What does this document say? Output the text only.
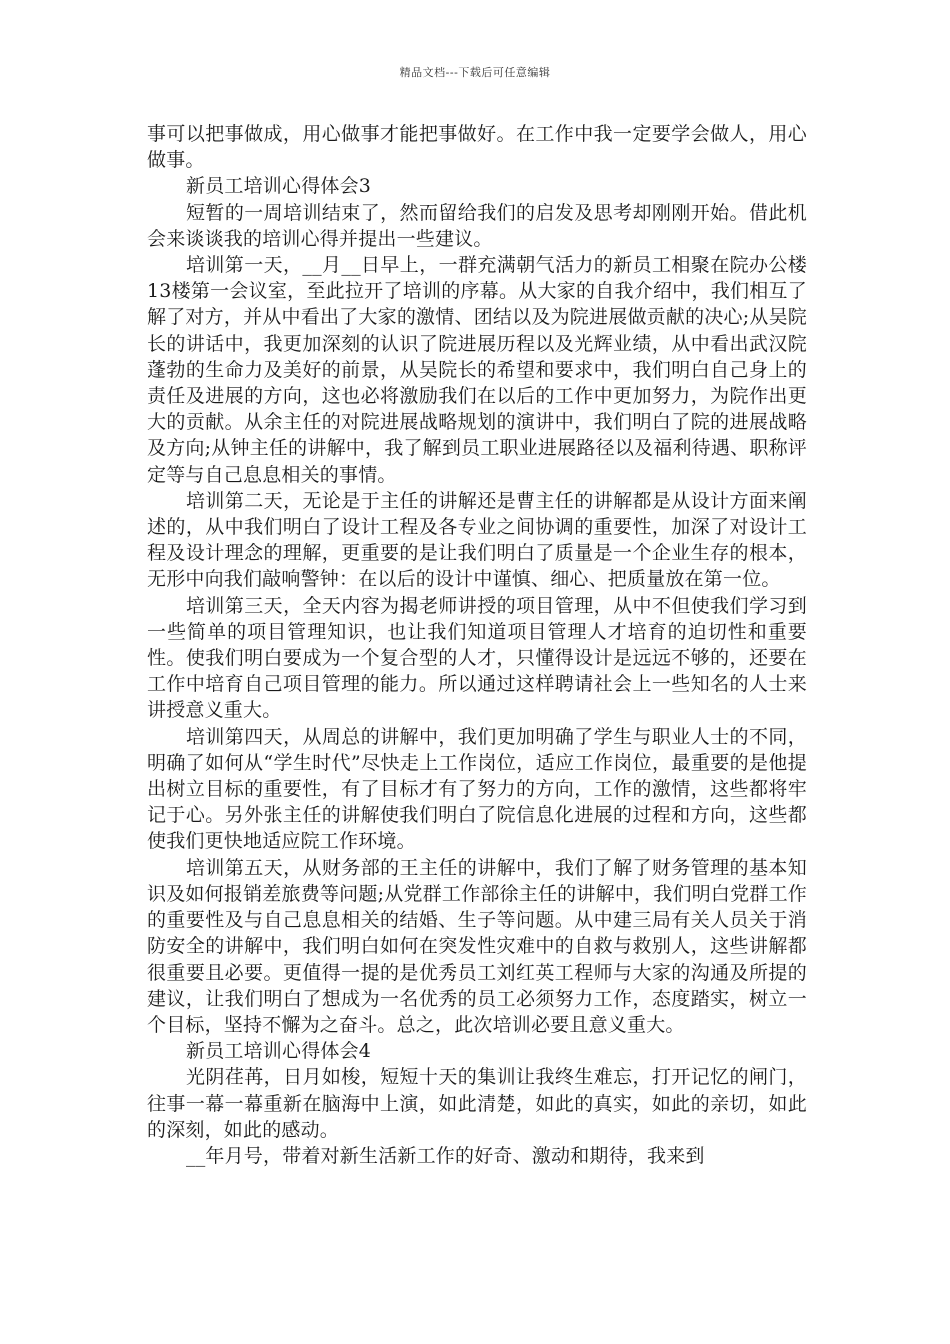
精品文档---下载后可任意编辑

事可以把事做成，用心做事才能把事做好。在工作中我一定要学会做人，用心做事。

新员工培训心得体会3

短暂的一周培训结束了，然而留给我们的启发及思考却刚刚开始。借此机会来谈谈我的培训心得并提出一些建议。

培训第一天，__月__日早上，一群充满朝气活力的新员工相聚在院办公楼13楼第一会议室，至此拉开了培训的序幕。从大家的自我介绍中，我们相互了解了对方，并从中看出了大家的激情、团结以及为院进展做贡献的决心;从吴院长的讲话中，我更加深刻的认识了院进展历程以及光辉业绩，从中看出武汉院蓬勃的生命力及美好的前景，从吴院长的希望和要求中，我们明白自己身上的责任及进展的方向，这也必将激励我们在以后的工作中更加努力，为院作出更大的贡献。从余主任的对院进展战略规划的演讲中，我们明白了院的进展战略及方向;从钟主任的讲解中，我了解到员工职业进展路径以及福利待遇、职称评定等与自己息息相关的事情。

培训第二天，无论是于主任的讲解还是曹主任的讲解都是从设计方面来阐述的，从中我们明白了设计工程及各专业之间协调的重要性，加深了对设计工程及设计理念的理解，更重要的是让我们明白了质量是一个企业生存的根本，无形中向我们敲响警钟：在以后的设计中谨慎、细心、把质量放在第一位。

培训第三天，全天内容为揭老师讲授的项目管理，从中不但使我们学习到一些简单的项目管理知识，也让我们知道项目管理人才培育的迫切性和重要性。使我们明白要成为一个复合型的人才，只懂得设计是远远不够的，还要在工作中培育自己项目管理的能力。所以通过这样聘请社会上一些知名的人士来讲授意义重大。

培训第四天，从周总的讲解中，我们更加明确了学生与职业人士的不同，明确了如何从“学生时代”尽快走上工作岗位，适应工作岗位，最重要的是他提出树立目标的重要性，有了目标才有了努力的方向，工作的激情，这些都将牢记于心。另外张主任的讲解使我们明白了院信息化进展的过程和方向，这些都使我们更快地适应院工作环境。

培训第五天，从财务部的王主任的讲解中，我们了解了财务管理的基本知识及如何报销差旅费等问题;从党群工作部徐主任的讲解中，我们明白党群工作的重要性及与自己息息相关的结婚、生子等问题。从中建三局有关人员关于消防安全的讲解中，我们明白如何在突发性灾难中的自救与救别人，这些讲解都很重要且必要。更值得一提的是优秀员工刘红英工程师与大家的沟通及所提的建议，让我们明白了想成为一名优秀的员工必须努力工作，态度踏实，树立一个目标，坚持不懈为之奋斗。总之，此次培训必要且意义重大。

新员工培训心得体会4

光阴荏苒，日月如梭，短短十天的集训让我终生难忘，打开记忆的闸门，往事一幕一幕重新在脑海中上演，如此清楚，如此的真实，如此的亲切，如此的深刻，如此的感动。

__年月号，带着对新生活新工作的好奇、激动和期待，我来到
